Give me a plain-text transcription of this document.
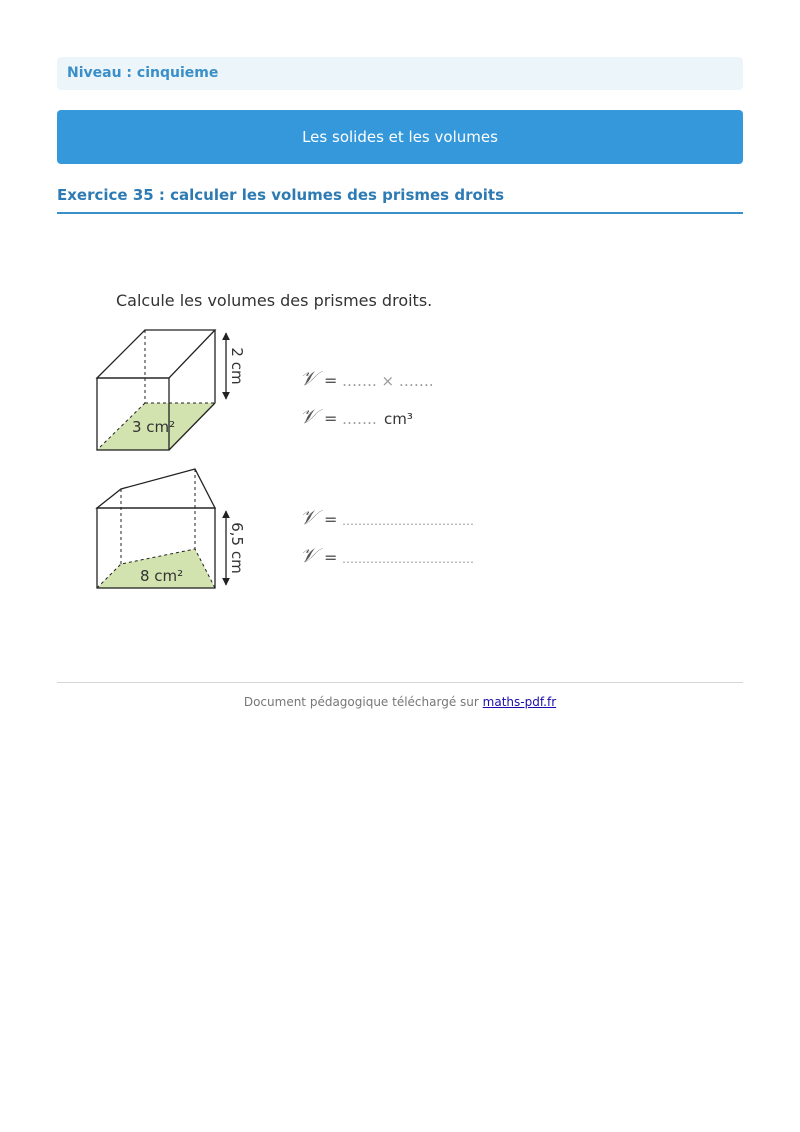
Niveau : cinquieme
Les solides et les volumes
Exercice 35 : calculer les volumes des prismes droits
Calcule les volumes des prismes droits.
2 cm
3 cm²
6,5 cm
8 cm²
𝒱 = ……. × …….
𝒱 = ……. cm³
𝒱 = ……………………………
𝒱 = ……………………………
Document pédagogique téléchargé sur maths-pdf.fr
